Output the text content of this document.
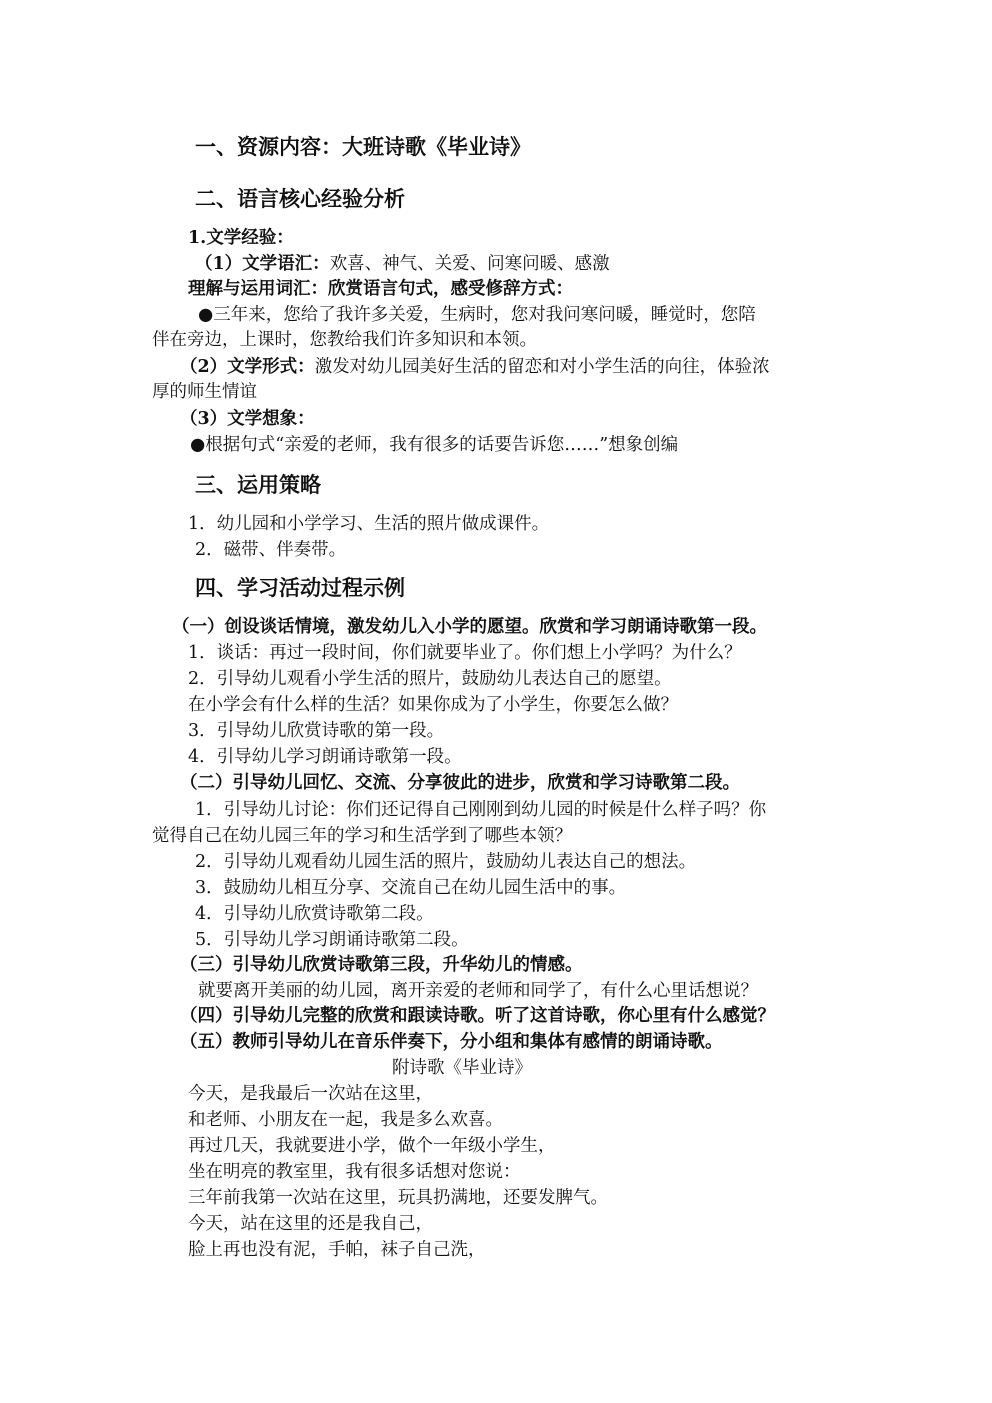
一、资源内容：大班诗歌《毕业诗》
二、语言核心经验分析
1.文学经验：
（1）文学语汇：欢喜、神气、关爱、问寒问暖、感激
理解与运用词汇：欣赏语言句式，感受修辞方式：
●三年来，您给了我许多关爱，生病时，您对我问寒问暖，睡觉时，您陪
伴在旁边，上课时，您教给我们许多知识和本领。
（2）文学形式：激发对幼儿园美好生活的留恋和对小学生活的向往，体验浓
厚的师生情谊
（3）文学想象：
●根据句式“亲爱的老师，我有很多的话要告诉您……”想象创编
三、运用策略
1．幼儿园和小学学习、生活的照片做成课件。
2．磁带、伴奏带。
四、学习活动过程示例
（一）创设谈话情境，激发幼儿入小学的愿望。欣赏和学习朗诵诗歌第一段。
1．谈话：再过一段时间，你们就要毕业了。你们想上小学吗？为什么？
2．引导幼儿观看小学生活的照片，鼓励幼儿表达自己的愿望。
在小学会有什么样的生活？如果你成为了小学生，你要怎么做？
3．引导幼儿欣赏诗歌的第一段。
4．引导幼儿学习朗诵诗歌第一段。
（二）引导幼儿回忆、交流、分享彼此的进步，欣赏和学习诗歌第二段。
1．引导幼儿讨论：你们还记得自己刚刚到幼儿园的时候是什么样子吗？你
觉得自己在幼儿园三年的学习和生活学到了哪些本领？
2．引导幼儿观看幼儿园生活的照片，鼓励幼儿表达自己的想法。
3．鼓励幼儿相互分享、交流自己在幼儿园生活中的事。
4．引导幼儿欣赏诗歌第二段。
5．引导幼儿学习朗诵诗歌第二段。
（三）引导幼儿欣赏诗歌第三段，升华幼儿的情感。
就要离开美丽的幼儿园，离开亲爱的老师和同学了，有什么心里话想说？
（四）引导幼儿完整的欣赏和跟读诗歌。听了这首诗歌，你心里有什么感觉？
（五）教师引导幼儿在音乐伴奏下，分小组和集体有感情的朗诵诗歌。
附诗歌《毕业诗》
今天，是我最后一次站在这里，
和老师、小朋友在一起，我是多么欢喜。
再过几天，我就要进小学，做个一年级小学生，
坐在明亮的教室里，我有很多话想对您说：
三年前我第一次站在这里，玩具扔满地，还要发脾气。
今天，站在这里的还是我自己，
脸上再也没有泥，手帕，袜子自己洗，
